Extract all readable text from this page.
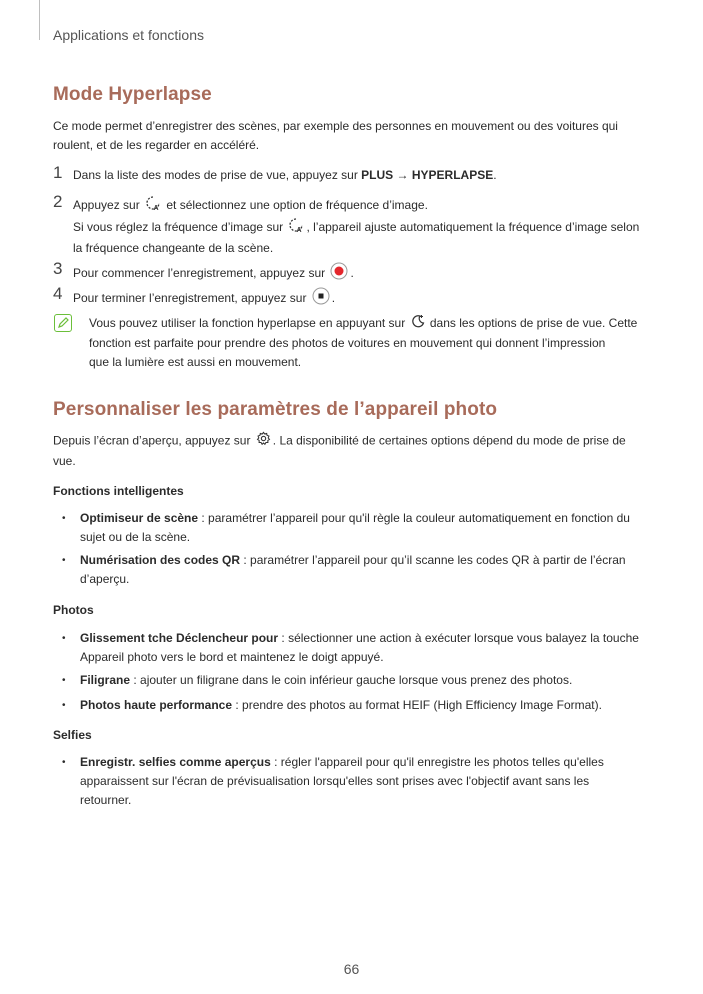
Applications et fonctions
Mode Hyperlapse
Ce mode permet d’enregistrer des scènes, par exemple des personnes en mouvement ou des voitures qui
roulent, et de les regarder en accéléré.
1 Dans la liste des modes de prise de vue, appuyez sur PLUS → HYPERLAPSE.
2 Appuyez sur A et sélectionnez une option de fréquence d’image.
Si vous réglez la fréquence d’image sur A , l’appareil ajuste automatiquement la fréquence d’image selon
la fréquence changeante de la scène.
3 Pour commencer l’enregistrement, appuyez sur .
4 Pour terminer l’enregistrement, appuyez sur .
Vous pouvez utiliser la fonction hyperlapse en appuyant sur  dans les options de prise de vue. Cette
fonction est parfaite pour prendre des photos de voitures en mouvement qui donnent l’impression
que la lumière est aussi en mouvement.
Personnaliser les paramètres de l’appareil photo
Depuis l’écran d’aperçu, appuyez sur . La disponibilité de certaines options dépend du mode de prise de
vue.
Fonctions intelligentes
• Optimiseur de scène : paramétrer l’appareil pour qu'il règle la couleur automatiquement en fonction du
sujet ou de la scène.
• Numérisation des codes QR : paramétrer l’appareil pour qu’il scanne les codes QR à partir de l’écran
d’aperçu.
Photos
• Glissement tche Déclencheur pour : sélectionner une action à exécuter lorsque vous balayez la touche
Appareil photo vers le bord et maintenez le doigt appuyé.
• Filigrane : ajouter un filigrane dans le coin inférieur gauche lorsque vous prenez des photos.
• Photos haute performance : prendre des photos au format HEIF (High Efficiency Image Format).
Selfies
• Enregistr. selfies comme aperçus : régler l'appareil pour qu'il enregistre les photos telles qu'elles
apparaissent sur l'écran de prévisualisation lorsqu'elles sont prises avec l'objectif avant sans les
retourner.
66
